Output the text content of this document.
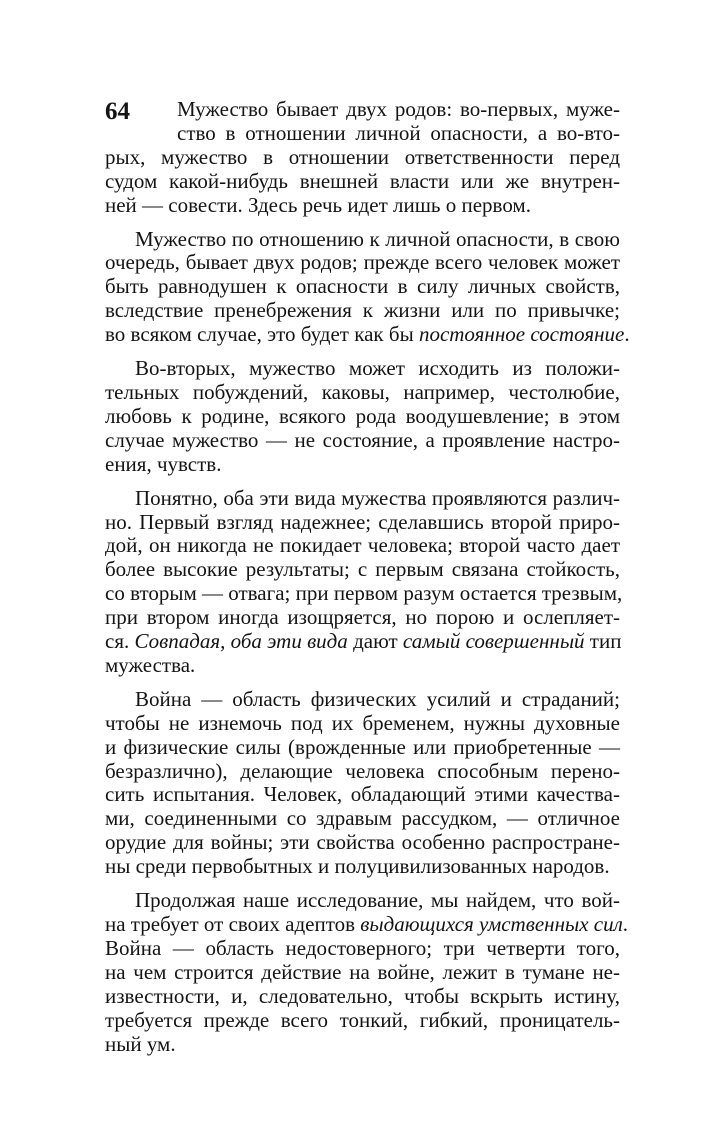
64	Мужество бывает двух родов: во-первых, муже-
ство в отношении личной опасности, а во-вто-
рых, мужество в отношении ответственности перед
судом какой-нибудь внешней власти или же внутрен-
ней — совести. Здесь речь идет лишь о первом.
Мужество по отношению к личной опасности, в свою
очередь, бывает двух родов; прежде всего человек может
быть равнодушен к опасности в силу личных свойств,
вследствие пренебрежения к жизни или по привычке;
во всяком случае, это будет как бы постоянное состояние.
Во-вторых, мужество может исходить из положи-
тельных побуждений, каковы, например, честолюбие,
любовь к родине, всякого рода воодушевление; в этом
случае мужество — не состояние, а проявление настро-
ения, чувств.
Понятно, оба эти вида мужества проявляются различ-
но. Первый взгляд надежнее; сделавшись второй приро-
дой, он никогда не покидает человека; второй часто дает
более высокие результаты; с первым связана стойкость,
со вторым — отвага; при первом разум остается трезвым,
при втором иногда изощряется, но порою и ослепляет-
ся. Совпадая, оба эти вида дают самый совершенный тип
мужества.
Война — область физических усилий и страданий;
чтобы не изнемочь под их бременем, нужны духовные
и физические силы (врожденные или приобретенные —
безразлично), делающие человека способным перено-
сить испытания. Человек, обладающий этими качества-
ми, соединенными со здравым рассудком, — отличное
орудие для войны; эти свойства особенно распростране-
ны среди первобытных и полуцивилизованных народов.
Продолжая наше исследование, мы найдем, что вой-
на требует от своих адептов выдающихся умственных сил.
Война — область недостоверного; три четверти того,
на чем строится действие на войне, лежит в тумане не-
известности, и, следовательно, чтобы вскрыть истину,
требуется прежде всего тонкий, гибкий, проницатель-
ный ум.
